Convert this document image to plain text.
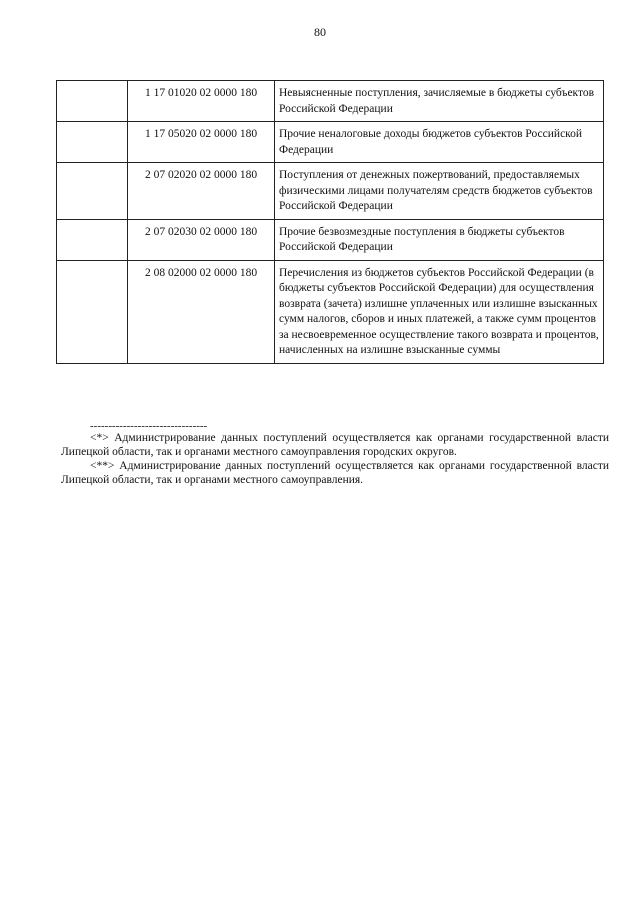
80
	1 17 01020 02 0000 180	Невыясненные поступления, зачисляемые в бюджеты субъектов Российской Федерации
	1 17 05020 02 0000 180	Прочие неналоговые доходы бюджетов субъектов Российской Федерации
	2 07 02020 02 0000 180	Поступления от денежных пожертвований, предоставляемых физическими лицами получателям средств бюджетов субъектов Российской Федерации
	2 07 02030 02 0000 180	Прочие безвозмездные поступления в бюджеты субъектов Российской Федерации
	2 08 02000 02 0000 180	Перечисления из бюджетов субъектов Российской Федерации (в бюджеты субъектов Российской Федерации) для осуществления возврата (зачета) излишне уплаченных или излишне взысканных сумм налогов, сборов и иных платежей, а также сумм процентов за несвоевременное осуществление такого возврата и процентов, начисленных на излишне взысканные суммы
--------------------------------

<*> Администрирование данных поступлений осуществляется как органами государственной власти Липецкой области, так и органами местного самоуправления городских округов.

<**> Администрирование данных поступлений осуществляется как органами государственной власти Липецкой области, так и органами местного самоуправления.
